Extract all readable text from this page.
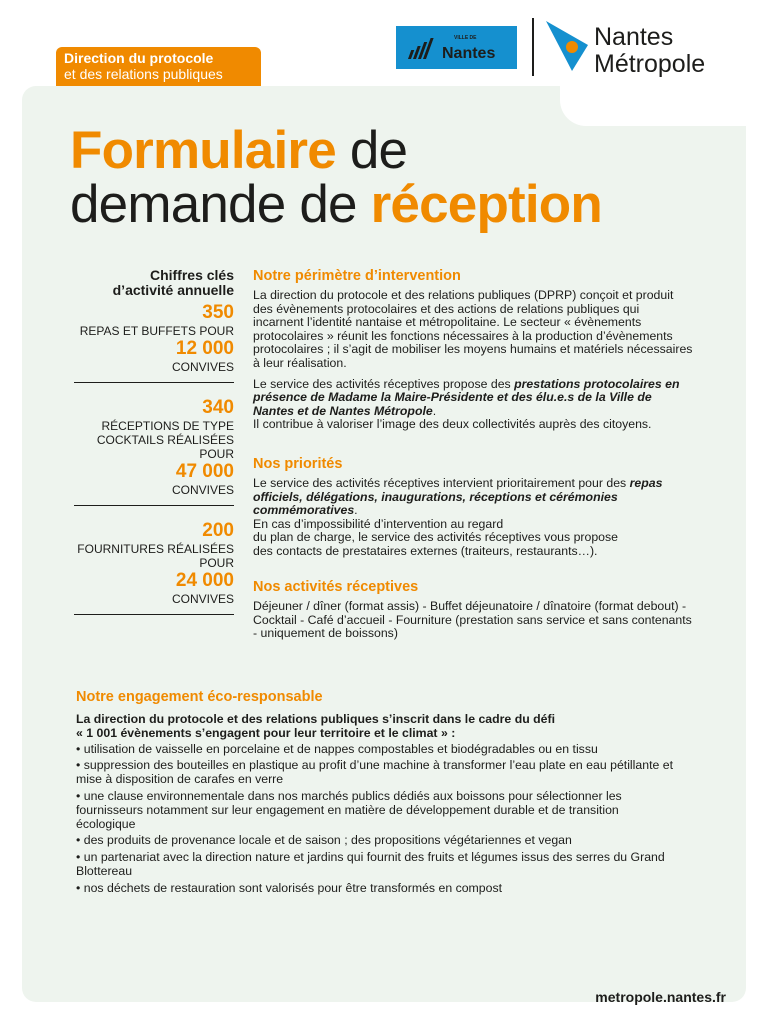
Direction du protocole
et des relations publiques
VILLE DE
Nantes
Nantes
Métropole
Formulaire de
demande de réception
Chiffres clés
d’activité annuelle
350
REPAS ET BUFFETS POUR
12 000
CONVIVES
340
RÉCEPTIONS DE TYPE
COCKTAILS RÉALISÉES
POUR
47 000
CONVIVES
200
FOURNITURES RÉALISÉES
POUR
24 000
CONVIVES
Notre périmètre d’intervention

La direction du protocole et des relations publiques (DPRP) conçoit et produit des évènements protocolaires et des actions de relations publiques qui incarnent l’identité nantaise et métropolitaine. Le secteur « évènements protocolaires » réunit les fonctions nécessaires à la production d’évènements protocolaires ; il s’agit de mobiliser les moyens humains et matériels nécessaires à leur réalisation.

Le service des activités réceptives propose des prestations protocolaires en présence de Madame la Maire-Présidente et des élu.e.s de la Ville de Nantes et de Nantes Métropole.
Il contribue à valoriser l’image des deux collectivités auprès des citoyens.

Nos priorités

Le service des activités réceptives intervient prioritairement pour des repas officiels, délégations, inaugurations, réceptions et cérémonies commémoratives.
En cas d’impossibilité d’intervention au regard
du plan de charge, le service des activités réceptives vous propose
des contacts de prestataires externes (traiteurs, restaurants…).

Nos activités réceptives

Déjeuner / dîner (format assis) - Buffet déjeunatoire / dînatoire (format debout) - Cocktail - Café d’accueil - Fourniture (prestation sans service et sans contenants - uniquement de boissons)

Notre engagement éco-responsable
La direction du protocole et des relations publiques s’inscrit dans le cadre du défi
« 1 001 évènements s’engagent pour leur territoire et le climat » :
• utilisation de vaisselle en porcelaine et de nappes compostables et biodégradables ou en tissu
• suppression des bouteilles en plastique au profit d’une machine à transformer l’eau plate en eau pétillante et mise à disposition de carafes en verre
• une clause environnementale dans nos marchés publics dédiés aux boissons pour sélectionner les fournisseurs notamment sur leur engagement en matière de développement durable et de transition écologique
• des produits de provenance locale et de saison ; des propositions végétariennes et vegan
• un partenariat avec la direction nature et jardins qui fournit des fruits et légumes issus des serres du Grand Blottereau
• nos déchets de restauration sont valorisés pour être transformés en compost
metropole.nantes.fr
